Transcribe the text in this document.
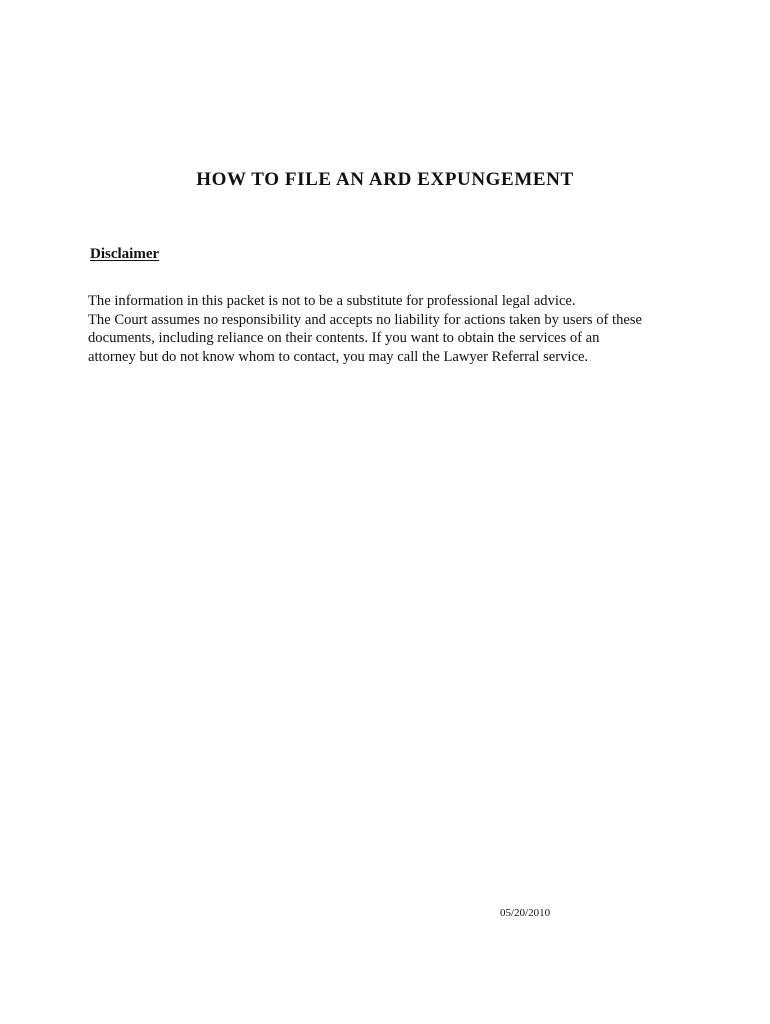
HOW TO FILE AN ARD EXPUNGEMENT
Disclaimer

The information in this packet is not to be a substitute for professional legal advice.
The Court assumes no responsibility and accepts no liability for actions taken by users of these
documents, including reliance on their contents. If you want to obtain the services of an
attorney but do not know whom to contact, you may call the Lawyer Referral service.

05/20/2010
